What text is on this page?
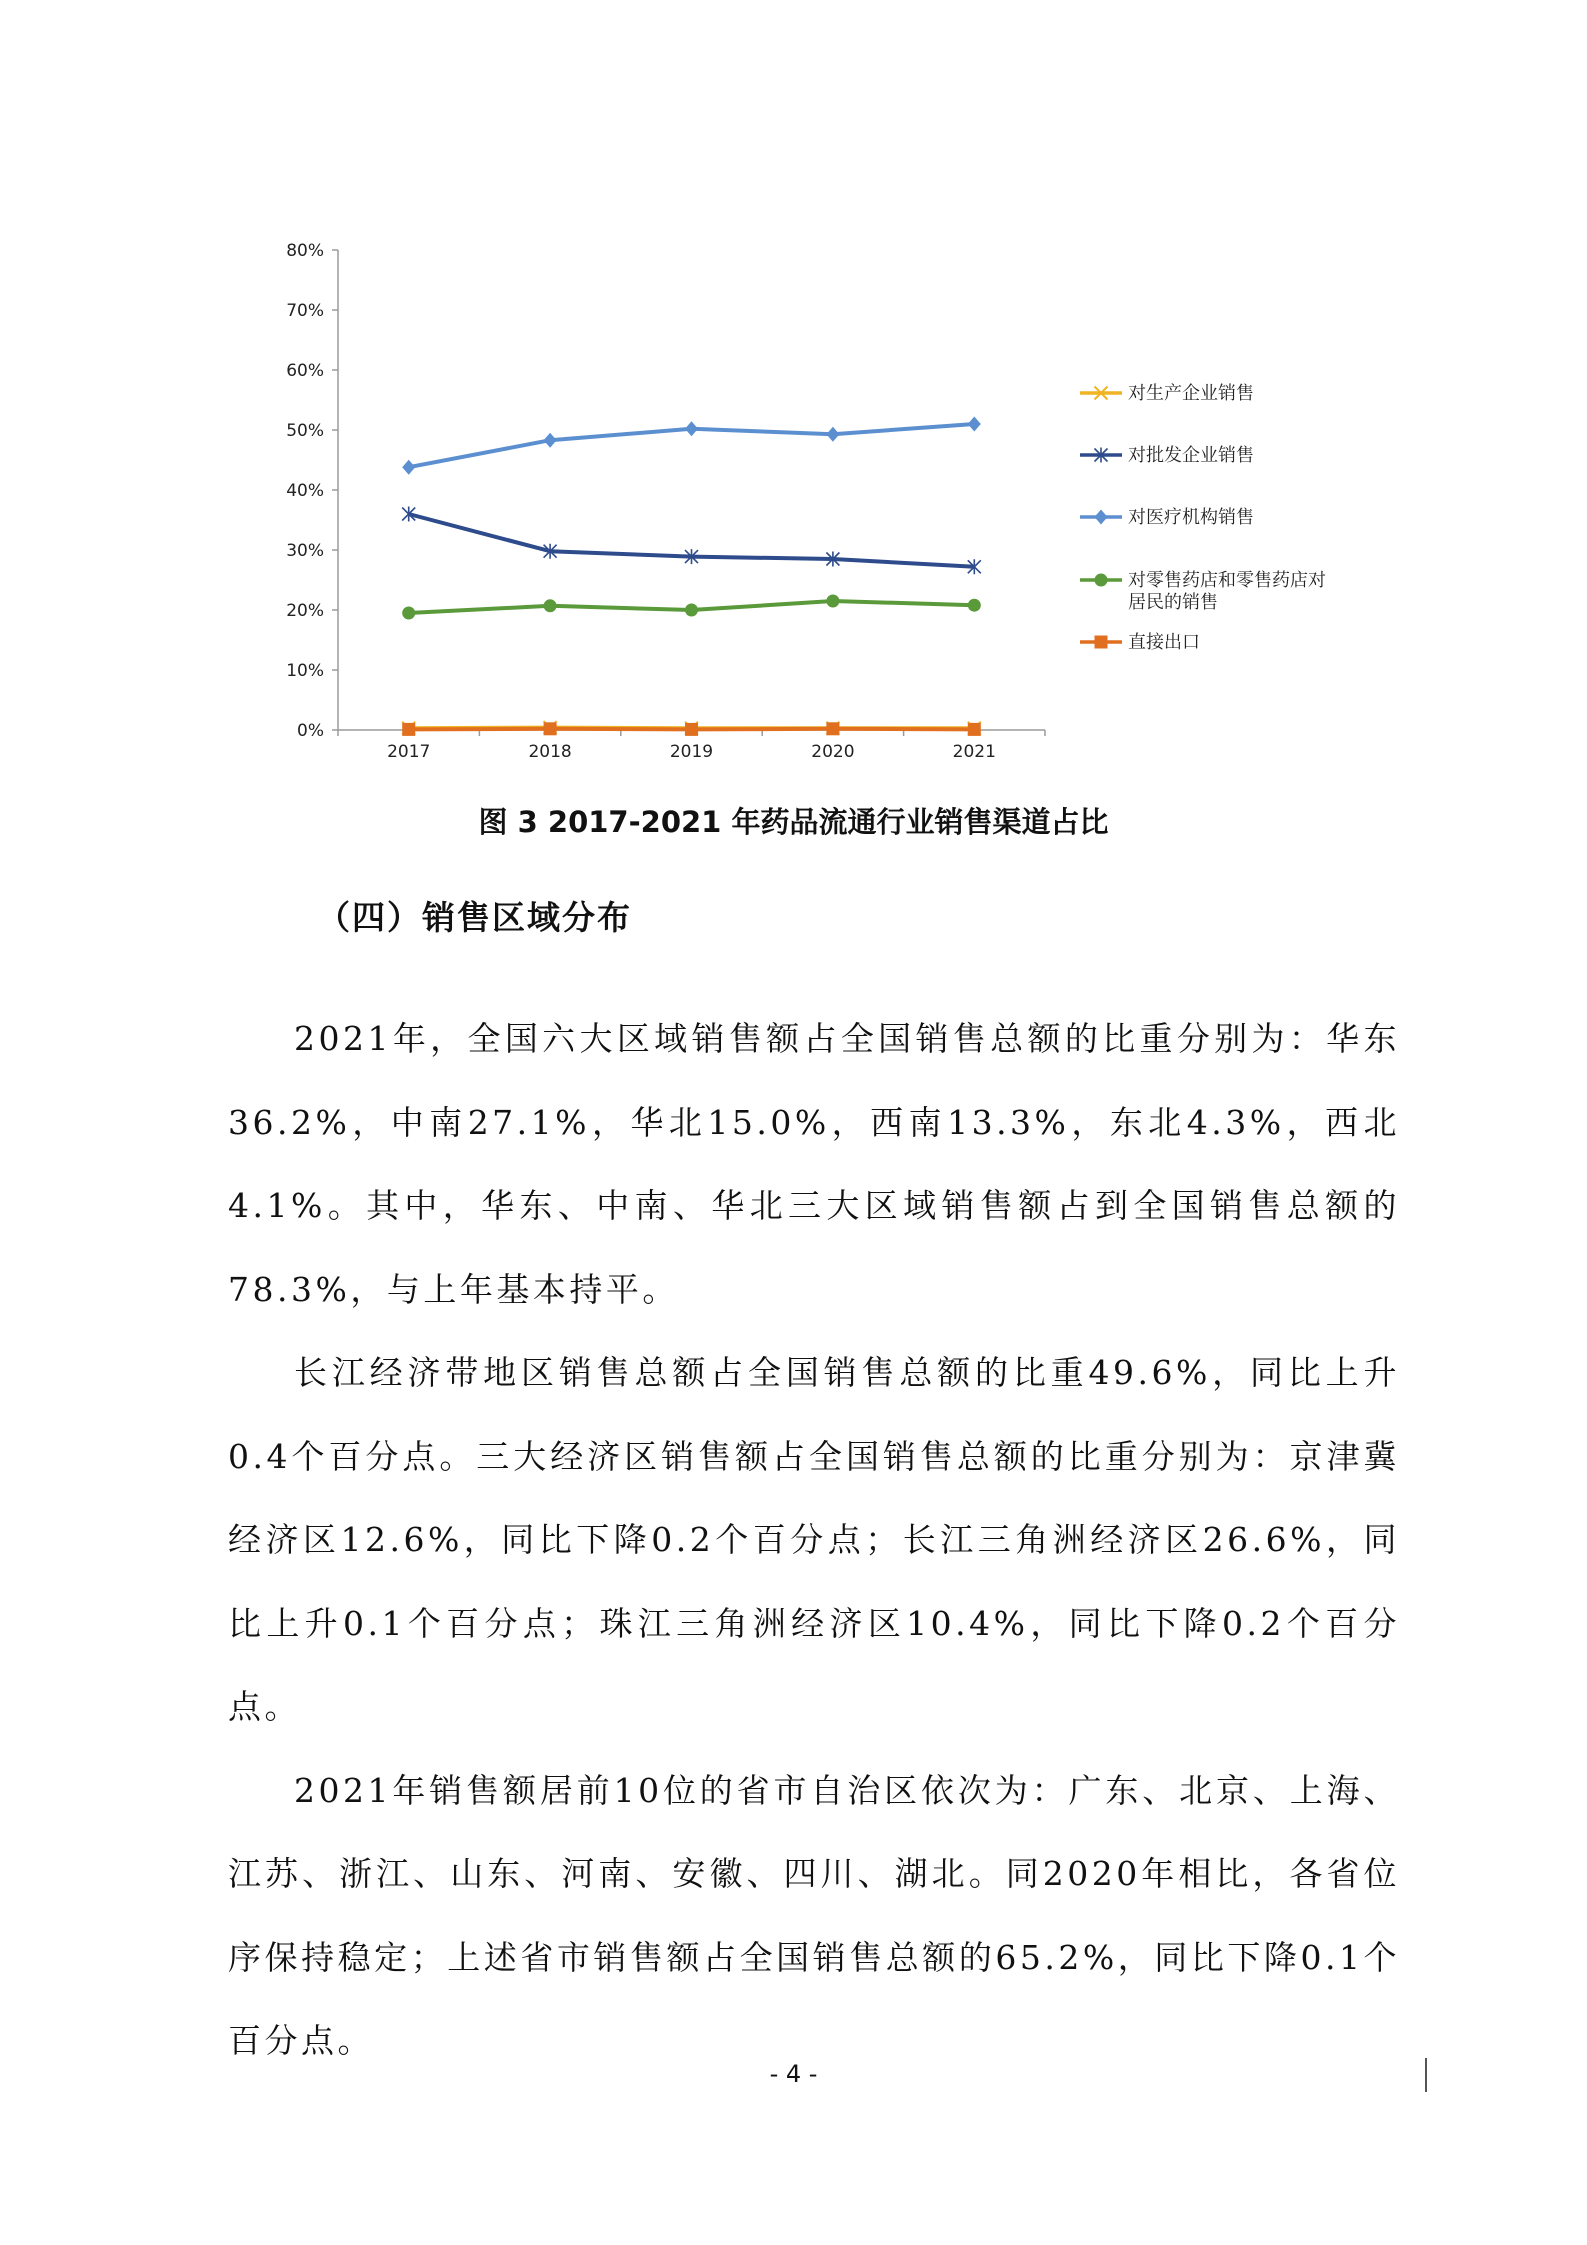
0%
10%
20%
30%
40%
50%
60%
70%
80%
2017	2018	2019	2020	2021
对生产企业销售
对批发企业销售
对医疗机构销售
对零售药店和零售药店对
居民的销售
直接出口
图 3 2017-2021 年药品流通行业销售渠道占比
（四）销售区域分布

2021年，全国六大区域销售额占全国销售总额的比重分别为：华东36.2%，中南27.1%，华北15.0%，西南13.3%，东北4.3%，西北4.1%。其中，华东、中南、华北三大区域销售额占到全国销售总额的78.3%，与上年基本持平。

长江经济带地区销售总额占全国销售总额的比重49.6%，同比上升0.4个百分点。三大经济区销售额占全国销售总额的比重分别为：京津冀经济区12.6%，同比下降0.2个百分点；长江三角洲经济区26.6%，同比上升0.1个百分点；珠江三角洲经济区10.4%，同比下降0.2个百分点。

2021年销售额居前10位的省市自治区依次为：广东、北京、上海、江苏、浙江、山东、河南、安徽、四川、湖北。同2020年相比，各省位序保持稳定；上述省市销售额占全国销售总额的65.2%，同比下降0.1个百分点。

- 4 -
